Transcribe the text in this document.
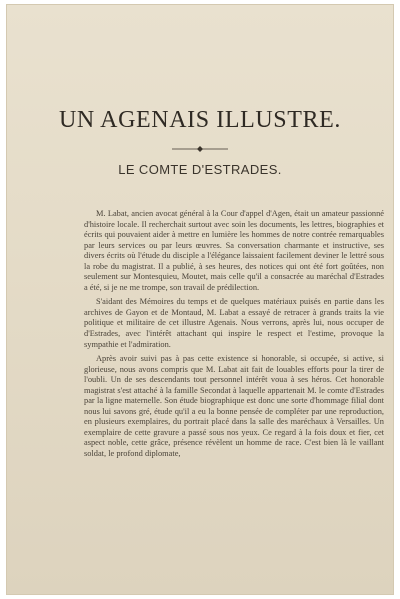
UN AGENAIS ILLUSTRE.
LE COMTE D'ESTRADES.

M. Labat, ancien avocat général à la Cour d'appel d'Agen, était un amateur passionné d'histoire locale. Il recherchait surtout avec soin les documents, les lettres, biographies et écrits qui pouvaient aider à mettre en lumière les hommes de notre contrée remarquables par leurs services ou par leurs œuvres. Sa conversation charmante et instructive, ses divers écrits où l'étude du disciple a l'élégance laissaient facilement deviner le lettré sous la robe du magistrat. Il a publié, à ses heures, des notices qui ont été fort goûtées, non seulement sur Montesquieu, Moutet, mais celle qu'il a consacrée au maréchal d'Estrades a été, si je ne me trompe, son travail de prédilection.

S'aidant des Mémoires du temps et de quelques matériaux puisés en partie dans les archives de Gayon et de Montaud, M. Labat a essayé de retracer à grands traits la vie politique et militaire de cet illustre Agenais. Nous verrons, après lui, nous occuper de d'Estrades, avec l'intérêt attachant qui inspire le respect et l'estime, provoque la sympathie et l'admiration.

Après avoir suivi pas à pas cette existence si honorable, si occupée, si active, si glorieuse, nous avons compris que M. Labat ait fait de louables efforts pour la tirer de l'oubli. Un de ses descendants tout personnel intérêt voua à ses héros. Cet honorable magistrat s'est attaché à la famille Secondat à laquelle appartenait M. le comte d'Estrades par la ligne maternelle. Son étude biographique est donc une sorte d'hommage filial dont nous lui savons gré, étude qu'il a eu la bonne pensée de compléter par une reproduction, en plusieurs exemplaires, du portrait placé dans la salle des maréchaux à Versailles. Un exemplaire de cette gravure a passé sous nos yeux. Ce regard à la fois doux et fier, cet aspect noble, cette grâce, présence révèlent un homme de race. C'est bien là le vaillant soldat, le profond diplomate,
